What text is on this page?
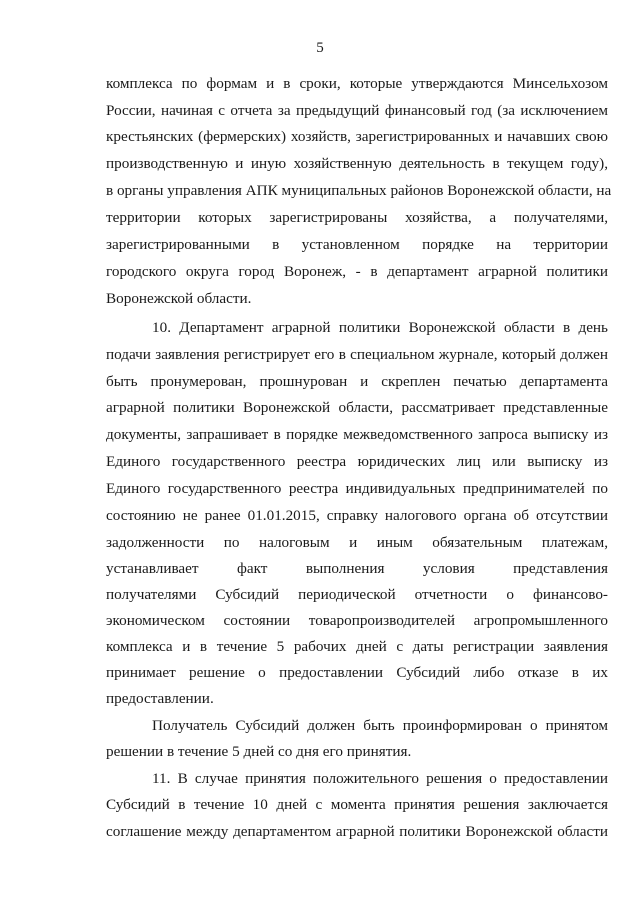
5
комплекса по формам и в сроки, которые утверждаются Минсельхозом
России, начиная с отчета за предыдущий финансовый год (за исключением
крестьянских (фермерских) хозяйств, зарегистрированных и начавших свою
производственную и иную хозяйственную деятельность в текущем году),
в органы управления АПК муниципальных районов Воронежской области, на
территории которых зарегистрированы хозяйства, а получателями,
зарегистрированными в установленном порядке на территории
городского округа город Воронеж, - в департамент аграрной политики
Воронежской области.
10. Департамент аграрной политики Воронежской области в день
подачи заявления регистрирует его в специальном журнале, который должен
быть пронумерован, прошнурован и скреплен печатью департамента
аграрной политики Воронежской области, рассматривает представленные
документы, запрашивает в порядке межведомственного запроса выписку из
Единого государственного реестра юридических лиц или выписку из
Единого государственного реестра индивидуальных предпринимателей по
состоянию не ранее 01.01.2015, справку налогового органа об отсутствии
задолженности по налоговым и иным обязательным платежам,
устанавливает факт выполнения условия представления
получателями Субсидий периодической отчетности о финансово-
экономическом состоянии товаропроизводителей агропромышленного
комплекса и в течение 5 рабочих дней с даты регистрации заявления
принимает решение о предоставлении Субсидий либо отказе в их
предоставлении.
Получатель Субсидий должен быть проинформирован о принятом
решении в течение 5 дней со дня его принятия.
11. В случае принятия положительного решения о предоставлении
Субсидий в течение 10 дней с момента принятия решения заключается
соглашение между департаментом аграрной политики Воронежской области
